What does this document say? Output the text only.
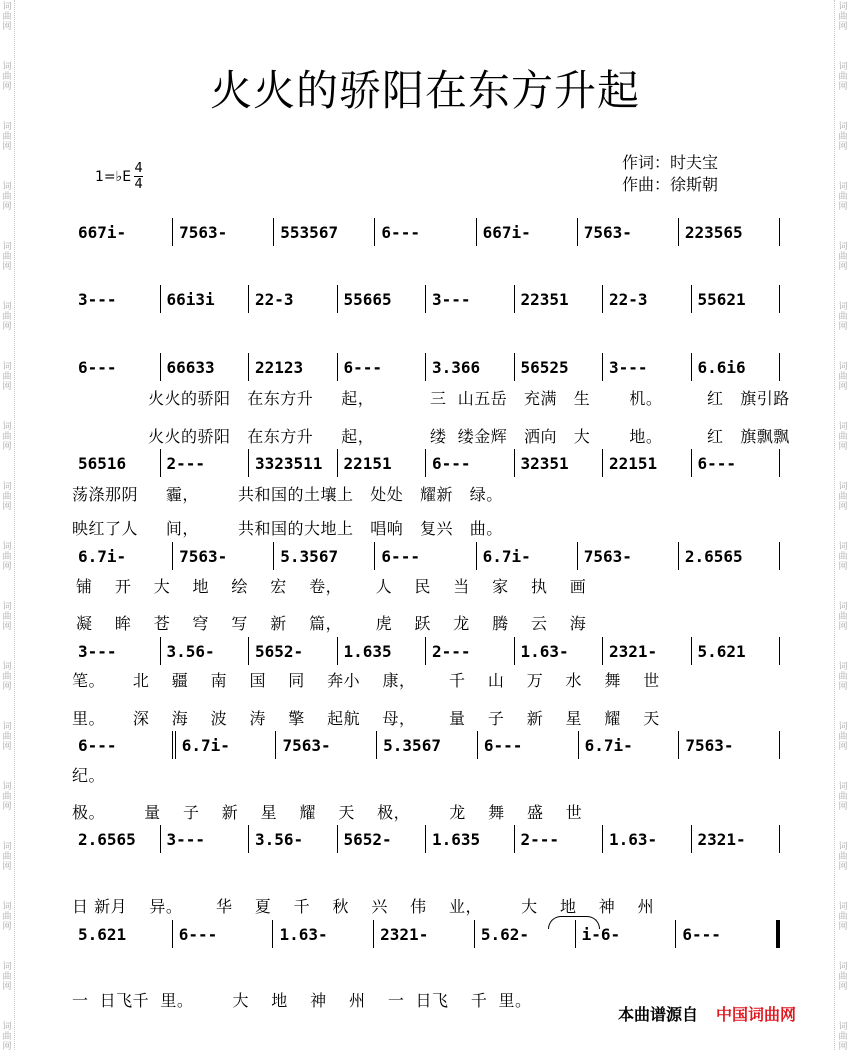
词
曲
网
词
曲
网
词
曲
网
词
曲
网
词
曲
网
词
曲
网
词
曲
网
词
曲
网
词
曲
网
词
曲
网
词
曲
网
词
曲
网
词
曲
网
词
曲
网
词
曲
网
词
曲
网
词
曲
网
词
曲
网
词
曲
网
词
曲
网
词
曲
网
词
曲
网
词
曲
网
词
曲
网
词
曲
网
词
曲
网
词
曲
网
词
曲
网
词
曲
网
词
曲
网
词
曲
网
词
曲
网
词
曲
网
词
曲
网
词
曲
网
词
曲
网
火火的骄阳在东方升起
1=♭E $\frac{4}{4}$	作词：时夫宝
作曲：徐斯朝
667i-	7563-	553567	6---	667i-	7563-	223565
3---	66i3i	22-3	55665	3---	22351	22-3	55621
6---	66633	22123	6---	3.366	56525	3---	6.6i6
火火的骄阳   在东方升     起，          三  山五岳   充满   生       机。        红   旗引路
火火的骄阳   在东方升     起，          缕  缕金辉   洒向   大       地。        红   旗飘飘
56516	2---	3323511	22151	6---	32351	22151	6---
荡涤那阴     霾，       共和国的土壤上   处处   耀新   绿。
映红了人     间，       共和国的大地上   唱响   复兴   曲。
6.7i-	7563-	5.3567	6---	6.7i-	7563-	2.6565
铺    开    大    地    绘    宏    卷，      人    民    当    家    执    画
凝    眸    苍    穹    写    新    篇，      虎    跃    龙    腾    云    海
3---	3.56-	5652-	1.635	2---	1.63-	2321-	5.621
笔。     北    疆    南    国    同    奔小    康，      千    山    万    水    舞    世
里。     深    海    波    涛    擎    起航    母，      量    子    新    星    耀    天
6---	6.7i-	7563-	5.3567	6---	6.7i-	7563-
纪。
极。       量    子    新    星    耀    天    极，       龙    舞    盛    世
2.6565	3---	3.56-	5652-	1.635	2---	1.63-	2321-
日 新月    异。      华    夏    千    秋    兴    伟    业，       大    地    神    州
5.621	6---	1.63-	2321-	5.62-	i-6-	6---
一  日飞千  里。       大    地    神    州    一  日飞    千  里。
本曲谱源自 中国词曲网
